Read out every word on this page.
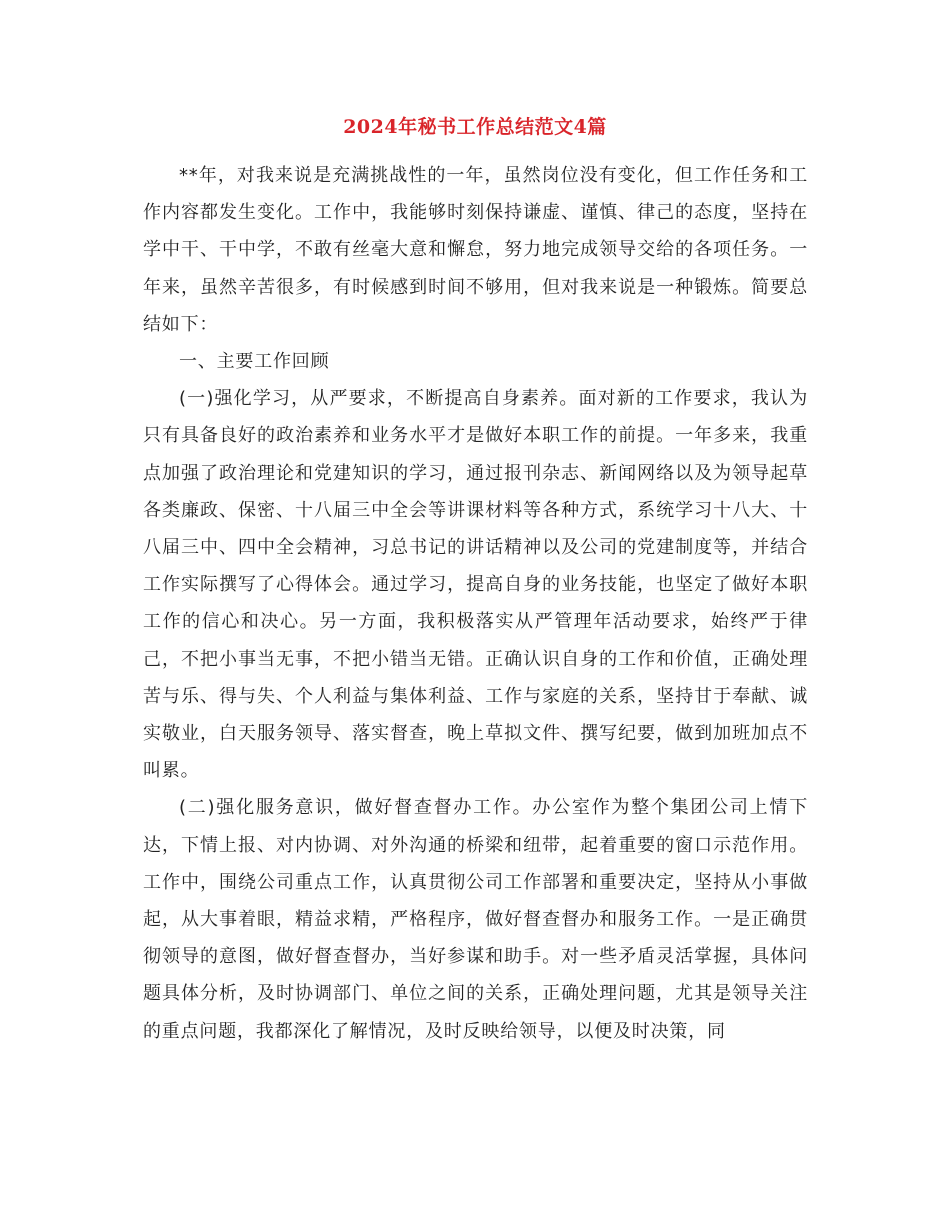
2024年秘书工作总结范文4篇

**年，对我来说是充满挑战性的一年，虽然岗位没有变化，但工作任务和工作内容都发生变化。工作中，我能够时刻保持谦虚、谨慎、律己的态度，坚持在学中干、干中学，不敢有丝毫大意和懈怠，努力地完成领导交给的各项任务。一年来，虽然辛苦很多，有时候感到时间不够用，但对我来说是一种锻炼。简要总结如下：

一、主要工作回顾

(一)强化学习，从严要求，不断提高自身素养。面对新的工作要求，我认为只有具备良好的政治素养和业务水平才是做好本职工作的前提。一年多来，我重点加强了政治理论和党建知识的学习，通过报刊杂志、新闻网络以及为领导起草各类廉政、保密、十八届三中全会等讲课材料等各种方式，系统学习十八大、十八届三中、四中全会精神，习总书记的讲话精神以及公司的党建制度等，并结合工作实际撰写了心得体会。通过学习，提高自身的业务技能，也坚定了做好本职工作的信心和决心。另一方面，我积极落实从严管理年活动要求，始终严于律己，不把小事当无事，不把小错当无错。正确认识自身的工作和价值，正确处理苦与乐、得与失、个人利益与集体利益、工作与家庭的关系，坚持甘于奉献、诚实敬业，白天服务领导、落实督查，晚上草拟文件、撰写纪要，做到加班加点不叫累。

(二)强化服务意识，做好督查督办工作。办公室作为整个集团公司上情下达，下情上报、对内协调、对外沟通的桥梁和纽带，起着重要的窗口示范作用。工作中，围绕公司重点工作，认真贯彻公司工作部署和重要决定，坚持从小事做起，从大事着眼，精益求精，严格程序，做好督查督办和服务工作。一是正确贯彻领导的意图，做好督查督办，当好参谋和助手。对一些矛盾灵活掌握，具体问题具体分析，及时协调部门、单位之间的关系，正确处理问题，尤其是领导关注的重点问题，我都深化了解情况，及时反映给领导，以便及时决策，同
